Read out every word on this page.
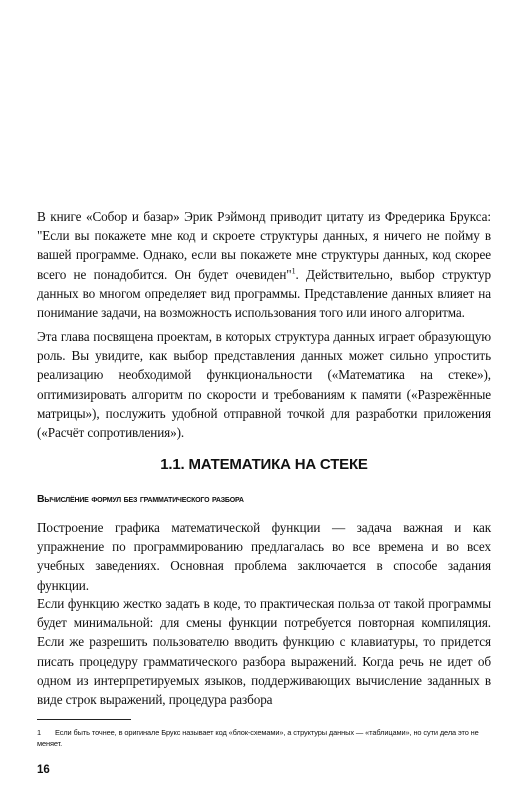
В книге «Собор и базар» Эрик Рэймонд приводит цитату из Фредерика Брукса: "Если вы покажете мне код и скроете структуры данных, я ничего не пойму в вашей программе. Однако, если вы покажете мне структуры данных, код скорее всего не понадобится. Он будет очевиден"$^1$. Действительно, выбор структур данных во многом определяет вид программы. Представление данных влияет на понимание задачи, на возможность использования того или иного алгоритма.

Эта глава посвящена проектам, в которых структура данных играет образующую роль. Вы увидите, как выбор представления данных может сильно упростить реализацию необходимой функциональности («Математика на стеке»), оптимизировать алгоритм по скорости и требованиям к памяти («Разрежённые матрицы»), послужить удобной отправной точкой для разработки приложения («Расчёт сопротивления»).

1.1. МАТЕМАТИКА НА СТЕКЕ
Вычислёние формул без грамматического разбора

Построение графика математической функции — задача важная и как упражнение по программированию предлагалась во все времена и во всех учебных заведениях. Основная проблема заключается в способе задания функции.

Если функцию жестко задать в коде, то практическая польза от такой программы будет минимальной: для смены функции потребуется повторная компиляция. Если же разрешить пользователю вводить функцию с клавиатуры, то придется писать процедуру грамматического разбора выражений. Когда речь не идет об одном из интерпретируемых языков, поддерживающих вычисление заданных в виде строк выражений, процедура разбора

1 Если быть точнее, в оригинале Брукс называет код «блок-схемами», а структуры данных — «таблицами», но сути дела это не меняет.

16
